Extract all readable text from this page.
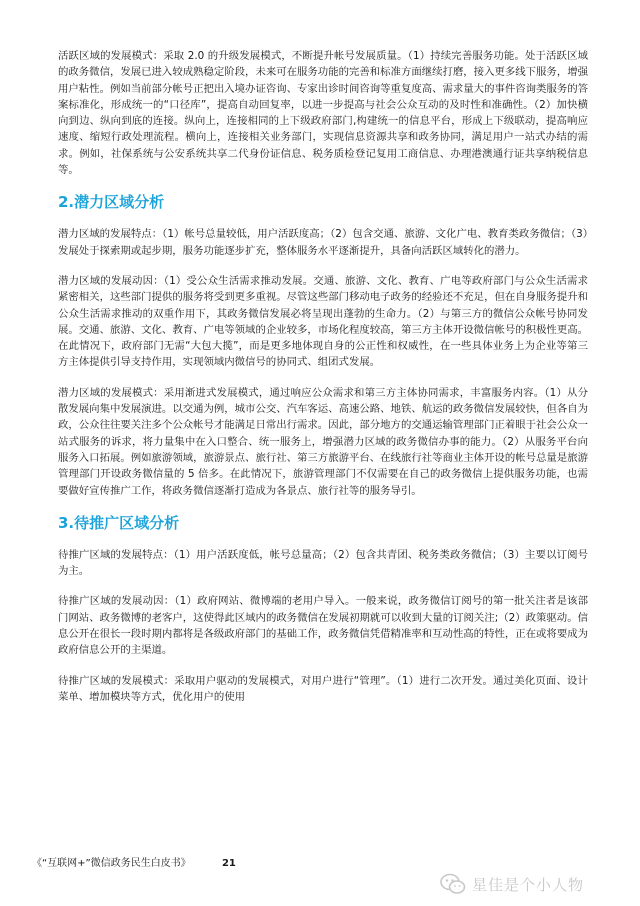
活跃区域的发展模式：采取 2.0 的升级发展模式，不断提升帐号发展质量。（1）持续完善服务功能。处于活跃区域的政务微信，发展已进入较成熟稳定阶段，未来可在服务功能的完善和标准方面继续打磨，接入更多线下服务，增强用户粘性。例如当前部分帐号正把出入境办证咨询、专家出诊时间咨询等重复度高、需求量大的事件咨询类服务的答案标准化，形成统一的“口径库”，提高自动回复率，以进一步提高与社会公众互动的及时性和准确性。（2）加快横向到边、纵向到底的连接。纵向上，连接相同的上下级政府部门,构建统一的信息平台，形成上下级联动，提高响应速度、缩短行政处理流程。横向上，连接相关业务部门，实现信息资源共享和政务协同，满足用户一站式办结的需求。例如，社保系统与公安系统共享二代身份证信息、税务质检登记复用工商信息、办理港澳通行证共享纳税信息等。

2.潜力区域分析

潜力区域的发展特点：（1）帐号总量较低，用户活跃度高；（2）包含交通、旅游、文化广电、教育类政务微信；（3）发展处于探索期或起步期，服务功能逐步扩充，整体服务水平逐渐提升，具备向活跃区域转化的潜力。

潜力区域的发展动因：（1）受公众生活需求推动发展。交通、旅游、文化、教育、广电等政府部门与公众生活需求紧密相关，这些部门提供的服务将受到更多重视。尽管这些部门移动电子政务的经验还不充足，但在自身服务提升和公众生活需求推动的双重作用下，其政务微信发展必将呈现出蓬勃的生命力。（2）与第三方的微信公众帐号协同发展。交通、旅游、文化、教育、广电等领域的企业较多，市场化程度较高，第三方主体开设微信帐号的积极性更高。在此情况下，政府部门无需“大包大揽”，而是更多地体现自身的公正性和权威性，在一些具体业务上为企业等第三方主体提供引导支持作用，实现领域内微信号的协同式、组团式发展。

潜力区域的发展模式：采用渐进式发展模式，通过响应公众需求和第三方主体协同需求，丰富服务内容。（1）从分散发展向集中发展演进。以交通为例，城市公交、汽车客运、高速公路、地铁、航运的政务微信发展较快，但各自为政，公众往往要关注多个公众帐号才能满足日常出行需求。因此，部分地方的交通运输管理部门正着眼于社会公众一站式服务的诉求，将力量集中在入口整合、统一服务上，增强潜力区域的政务微信办事的能力。（2）从服务平台向服务入口拓展。例如旅游领域，旅游景点、旅行社、第三方旅游平台、在线旅行社等商业主体开设的帐号总量是旅游管理部门开设政务微信量的 5 倍多。在此情况下，旅游管理部门不仅需要在自己的政务微信上提供服务功能，也需要做好宣传推广工作，将政务微信逐渐打造成为各景点、旅行社等的服务导引。

3.待推广区域分析

待推广区域的发展特点：（1）用户活跃度低，帐号总量高；（2）包含共青团、税务类政务微信；（3）主要以订阅号为主。

待推广区域的发展动因：（1）政府网站、微博端的老用户导入。一般来说，政务微信订阅号的第一批关注者是该部门网站、政务微博的老客户，这使得此区域内的政务微信在发展初期就可以收到大量的订阅关注;（2）政策驱动。信息公开在很长一段时期内都将是各级政府部门的基础工作，政务微信凭借精准率和互动性高的特性，正在或将要成为政府信息公开的主渠道。

待推广区域的发展模式：采取用户驱动的发展模式，对用户进行“管理”。（1）进行二次开发。通过美化页面、设计菜单、增加模块等方式，优化用户的使用

《“互联网+”微信政务民生白皮书》	21
星佳是个小人物
